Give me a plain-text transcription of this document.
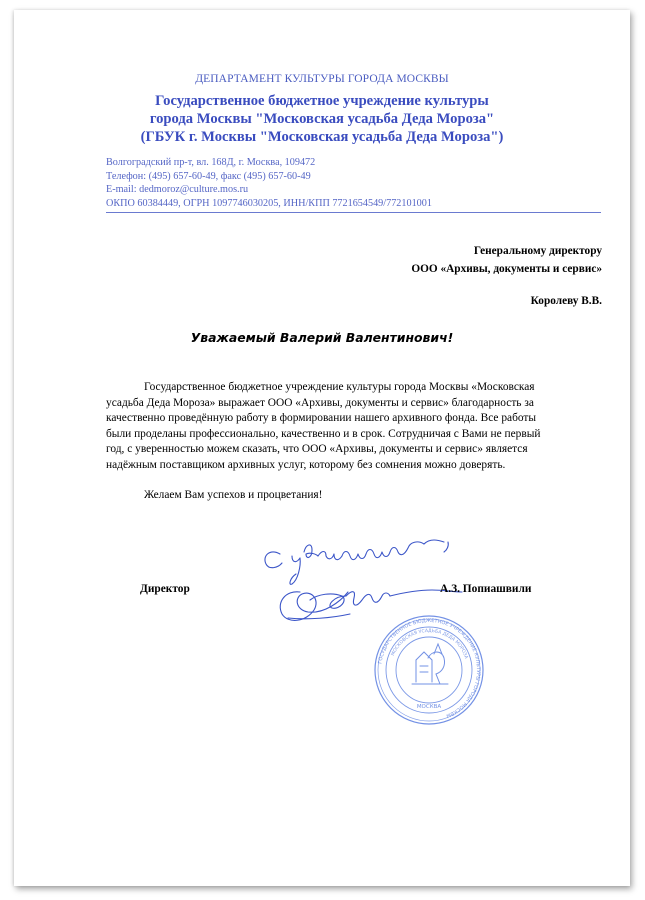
ДЕПАРТАМЕНТ КУЛЬТУРЫ ГОРОДА МОСКВЫ
Государственное бюджетное учреждение культуры
города Москвы "Московская усадьба Деда Мороза"
(ГБУК г. Москвы "Московская усадьба Деда Мороза")
Волгоградский пр-т, вл. 168Д, г. Москва, 109472
Телефон: (495) 657-60-49, факс (495) 657-60-49
E-mail: dedmoroz@culture.mos.ru
ОКПО 60384449, ОГРН 1097746030205, ИНН/КПП 7721654549/772101001
Генеральному директору
ООО «Архивы, документы и сервис»
Королеву В.В.
Уважаемый Валерий Валентинович!
Государственное бюджетное учреждение культуры города Москвы «Московская
усадьба Деда Мороза» выражает ООО «Архивы, документы и сервис» благодарность за
качественно проведённую работу в формировании нашего архивного фонда. Все работы
были проделаны профессионально, качественно и в срок. Сотрудничая с Вами не первый
год, с уверенностью можем сказать, что ООО «Архивы, документы и сервис» является
надёжным поставщиком архивных услуг, которому без сомнения можно доверять.
Желаем Вам успехов и процветания!
Директор	А.З. Попиашвили
ГОСУДАРСТВЕННОЕ БЮДЖЕТНОЕ УЧРЕЖДЕНИЕ КУЛЬТУРЫ ГОРОДА МОСКВЫ
МОСКОВСКАЯ УСАДЬБА ДЕДА МОРОЗА
МОСКВА
